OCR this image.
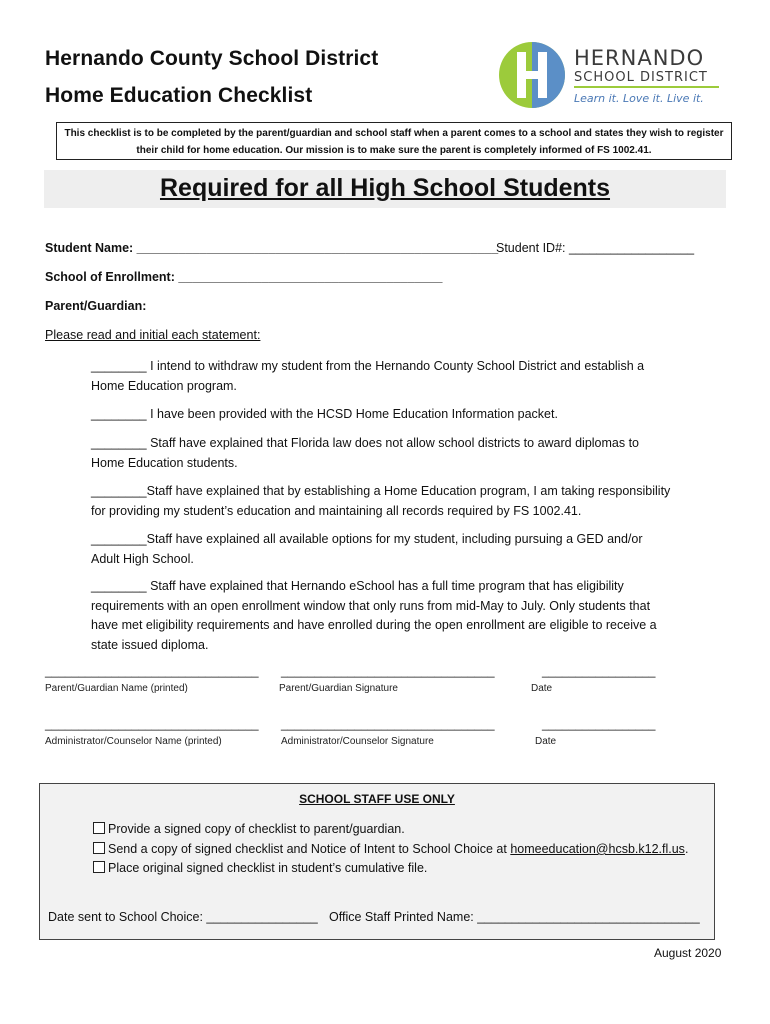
Hernando County School District
Home Education Checklist
HERNANDO
SCHOOL DISTRICT
Learn it. Love it. Live it.
This checklist is to be completed by the parent/guardian and school staff when a parent comes to a school and states they wish to register
their child for home education. Our mission is to make sure the parent is completely informed of FS 1002.41.
Required for all High School Students
Student Name: ____________________________________________________
Student ID#: __________________
School of Enrollment: ______________________________________
Parent/Guardian:
Please read and initial each statement:
________ I intend to withdraw my student from the Hernando County School District and establish a
Home Education program.
________ I have been provided with the HCSD Home Education Information packet.
________ Staff have explained that Florida law does not allow school districts to award diplomas to
Home Education students.
________Staff have explained that by establishing a Home Education program, I am taking responsibility
for providing my student’s education and maintaining all records required by FS 1002.41.
________Staff have explained all available options for my student, including pursuing a GED and/or
Adult High School.
________ Staff have explained that Hernando eSchool has a full time program that has eligibility
requirements with an open enrollment window that only runs from mid-May to July. Only students that
have met eligibility requirements and have enrolled during the open enrollment are eligible to receive a
state issued diploma.
________________________________ ________________________________	_________________
Parent/Guardian Name (printed)	Parent/Guardian Signature	Date
________________________________ ________________________________	_________________
Administrator/Counselor Name (printed)	Administrator/Counselor Signature	Date
SCHOOL STAFF USE ONLY
Provide a signed copy of checklist to parent/guardian.
Send a copy of signed checklist and Notice of Intent to School Choice at homeeducation@hcsb.k12.fl.us.
Place original signed checklist in student’s cumulative file.
Date sent to School Choice: ________________ Office Staff Printed Name: ________________________________
August 2020
